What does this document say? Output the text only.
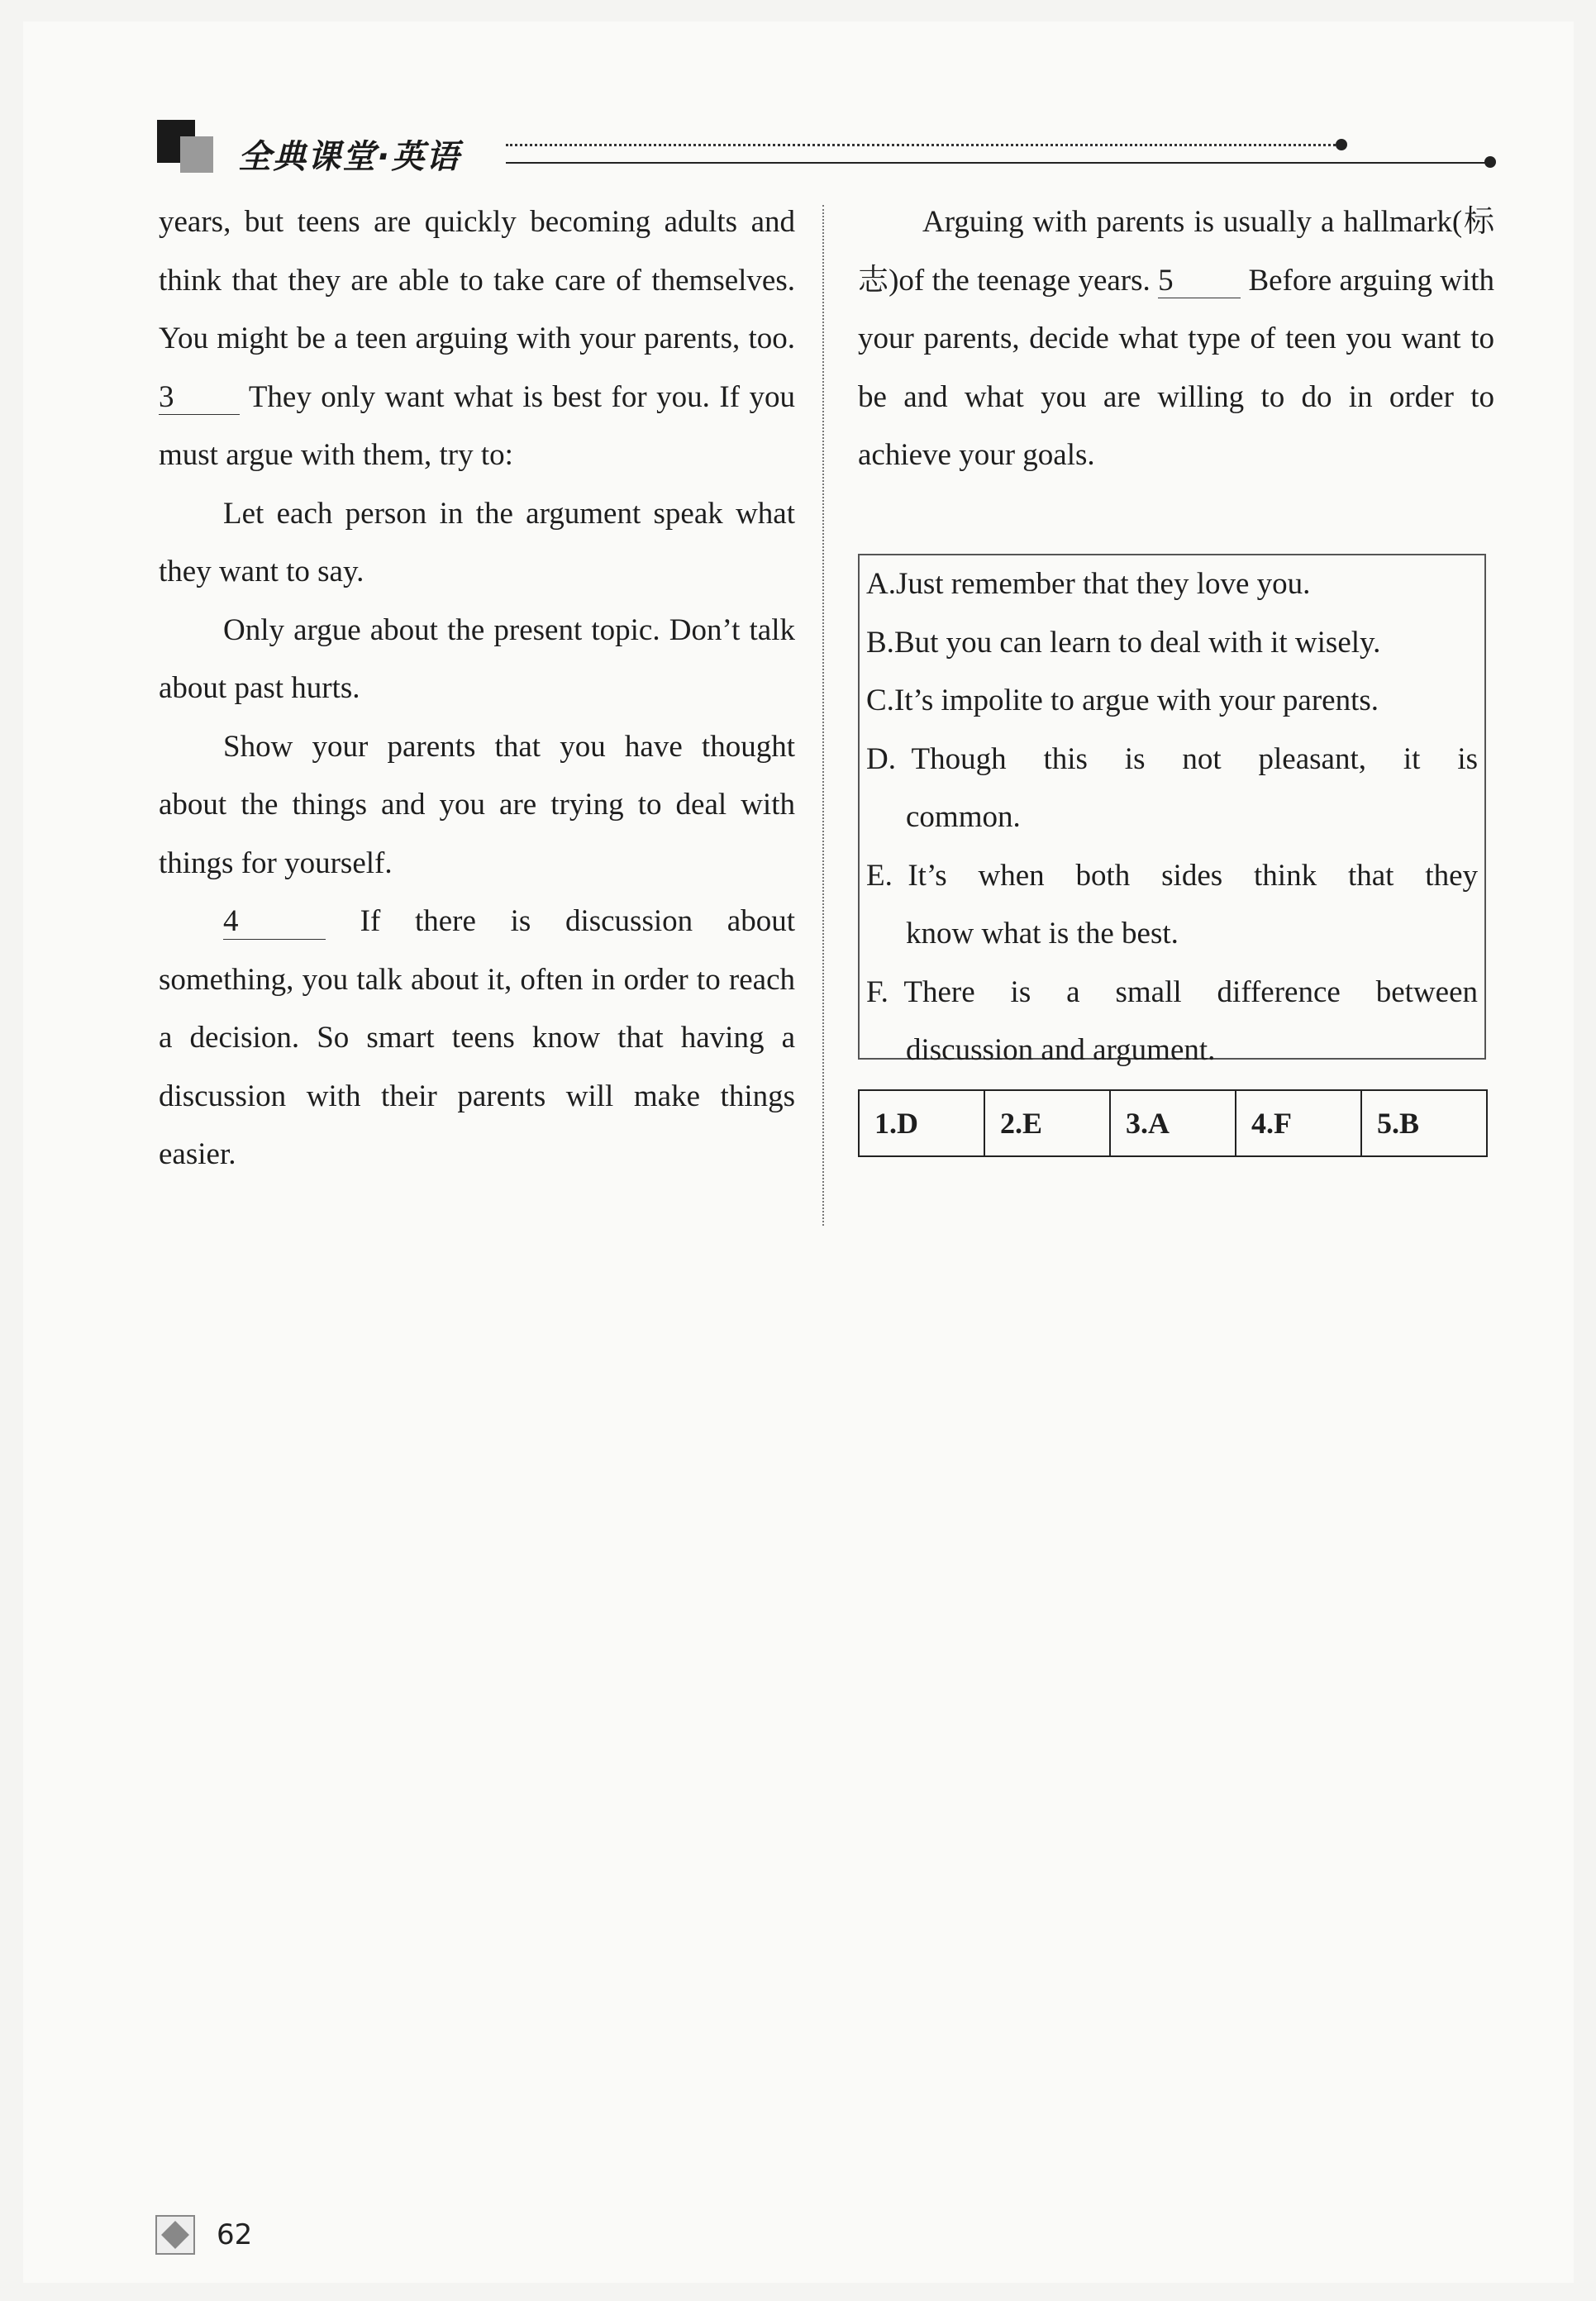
全典课堂·英语

years, but teens are quickly becoming adults and think that they are able to take care of themselves. You might be a teen arguing with your parents, too. 3 They only want what is best for you. If you must argue with them, try to:

Let each person in the argument speak what they want to say.

Only argue about the present topic. Don’t talk about past hurts.

Show your parents that you have thought about the things and you are trying to deal with things for yourself.

4	If there is discussion about something, you talk about it, often in order to reach a decision. So smart teens know that having a discussion with their parents will make things easier.

Arguing with parents is usually a hallmark(标志)of the teenage years. 5 Before arguing with your parents, decide what type of teen you want to be and what you are willing to do in order to achieve your goals.

A. Just remember that they love you.
B. But you can learn to deal with it wisely.
C. It’s impolite to argue with your parents.
D.
Though this is not pleasant, it is
common.
E.
It’s when both sides think that they
know what is the best.
F.
There is a small difference between
discussion and argument.
1.D	2.E	3.A	4.F	5.B
62
